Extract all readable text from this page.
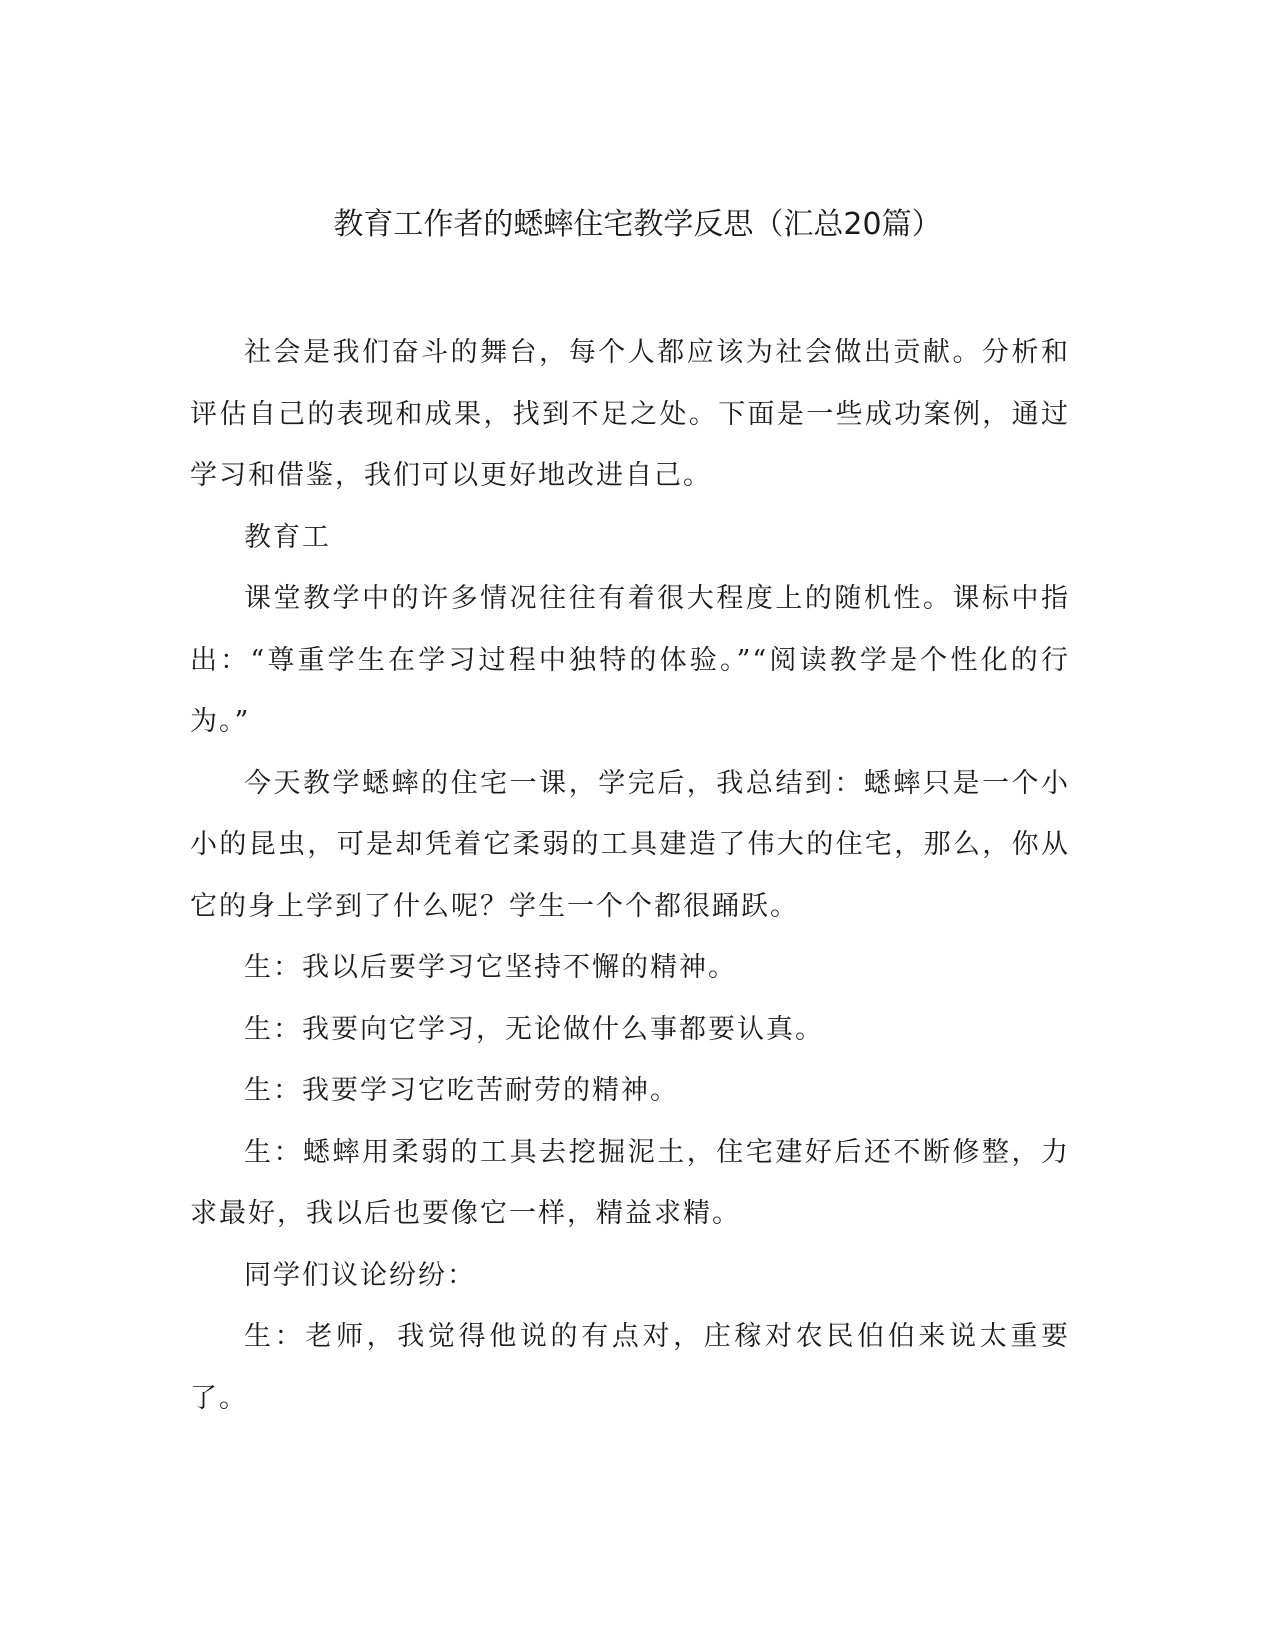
教育工作者的蟋蟀住宅教学反思（汇总20篇）

社会是我们奋斗的舞台，每个人都应该为社会做出贡献。分析和评估自己的表现和成果，找到不足之处。下面是一些成功案例，通过学习和借鉴，我们可以更好地改进自己。

教育工

课堂教学中的许多情况往往有着很大程度上的随机性。课标中指出：“尊重学生在学习过程中独特的体验。”“阅读教学是个性化的行为。”

今天教学蟋蟀的住宅一课，学完后，我总结到：蟋蟀只是一个小小的昆虫，可是却凭着它柔弱的工具建造了伟大的住宅，那么，你从它的身上学到了什么呢？学生一个个都很踊跃。

生：我以后要学习它坚持不懈的精神。

生：我要向它学习，无论做什么事都要认真。

生：我要学习它吃苦耐劳的精神。

生：蟋蟀用柔弱的工具去挖掘泥土，住宅建好后还不断修整，力求最好，我以后也要像它一样，精益求精。

同学们议论纷纷：

生：老师，我觉得他说的有点对，庄稼对农民伯伯来说太重要了。
